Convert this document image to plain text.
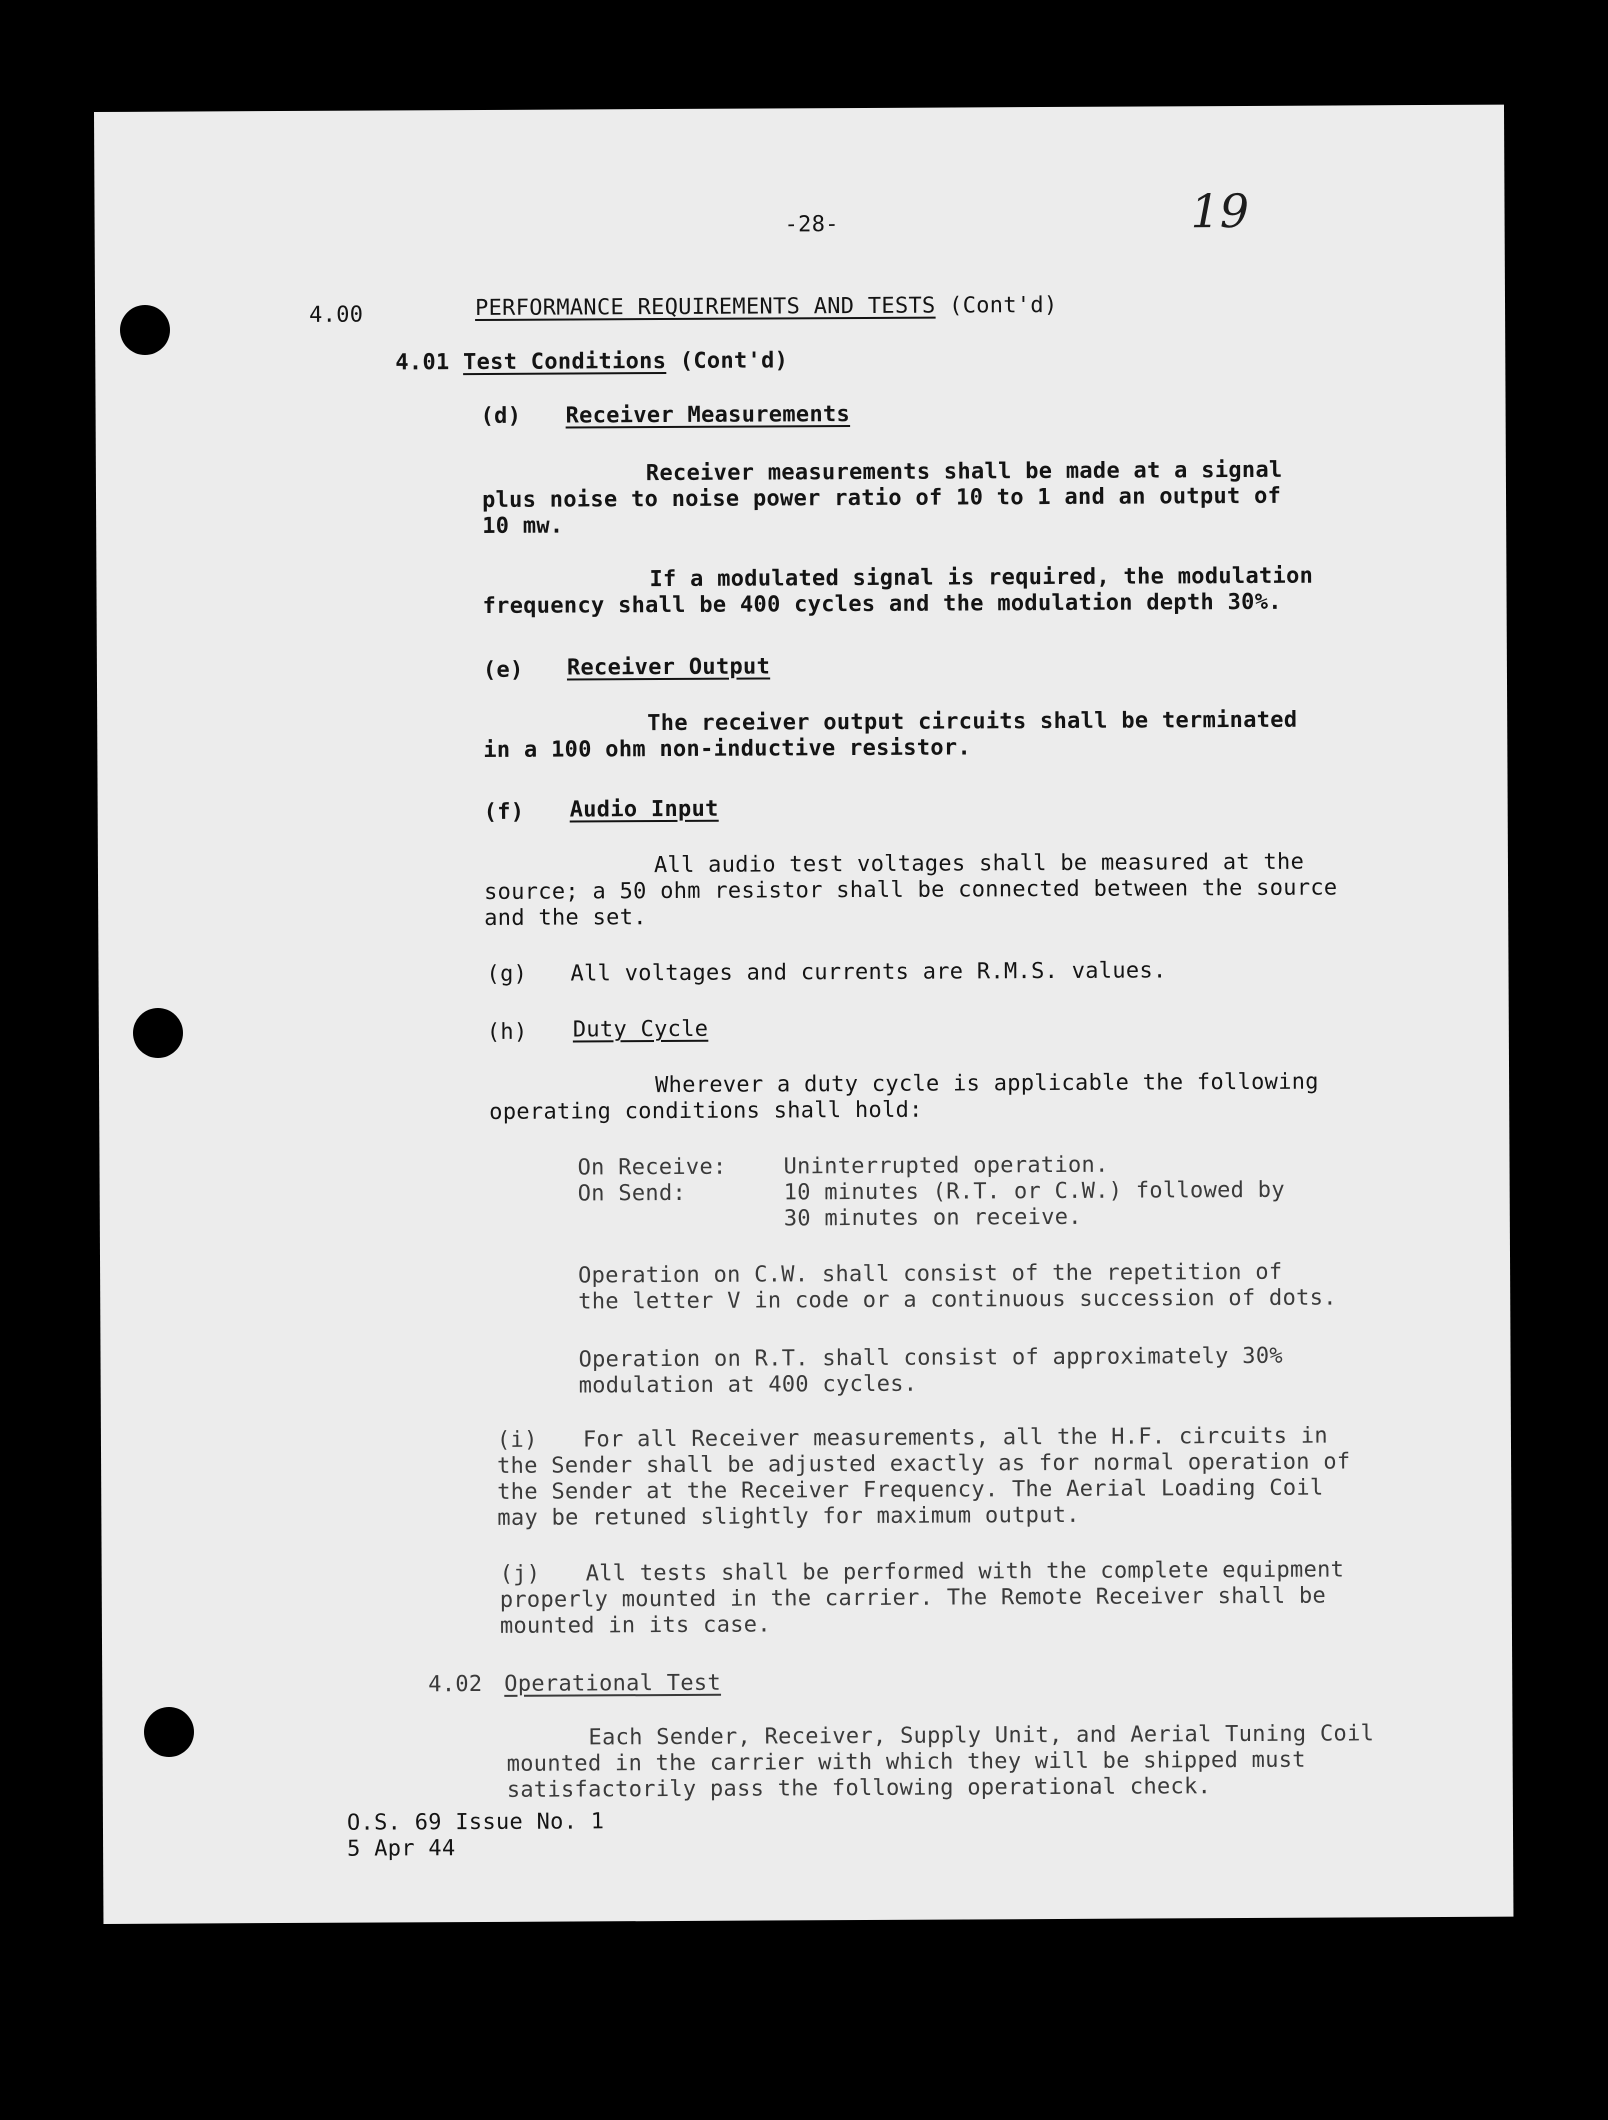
-28-	19
4.00	PERFORMANCE REQUIREMENTS AND TESTS (Cont'd)
4.01 Test Conditions (Cont'd)
(d) Receiver Measurements
Receiver measurements shall be made at a signal
plus noise to noise power ratio of 10 to 1 and an output of
10 mw.
If a modulated signal is required, the modulation
frequency shall be 400 cycles and the modulation depth 30%.
(e) Receiver Output
The receiver output circuits shall be terminated
in a 100 ohm non-inductive resistor.
(f) Audio Input
All audio test voltages shall be measured at the
source; a 50 ohm resistor shall be connected between the source
and the set.
(g) All voltages and currents are R.M.S. values.
(h) Duty Cycle
Wherever a duty cycle is applicable the following
operating conditions shall hold:
On Receive:	Uninterrupted operation.
On Send:	10 minutes (R.T. or C.W.) followed by
30 minutes on receive.
Operation on C.W. shall consist of the repetition of
the letter V in code or a continuous succession of dots.
Operation on R.T. shall consist of approximately 30%
modulation at 400 cycles.
(i) For all Receiver measurements, all the H.F. circuits in
the Sender shall be adjusted exactly as for normal operation of
the Sender at the Receiver Frequency. The Aerial Loading Coil
may be retuned slightly for maximum output.
(j) All tests shall be performed with the complete equipment
properly mounted in the carrier. The Remote Receiver shall be
mounted in its case.
4.02 Operational Test
Each Sender, Receiver, Supply Unit, and Aerial Tuning Coil
mounted in the carrier with which they will be shipped must
satisfactorily pass the following operational check.
O.S. 69 Issue No. 1
5 Apr 44
